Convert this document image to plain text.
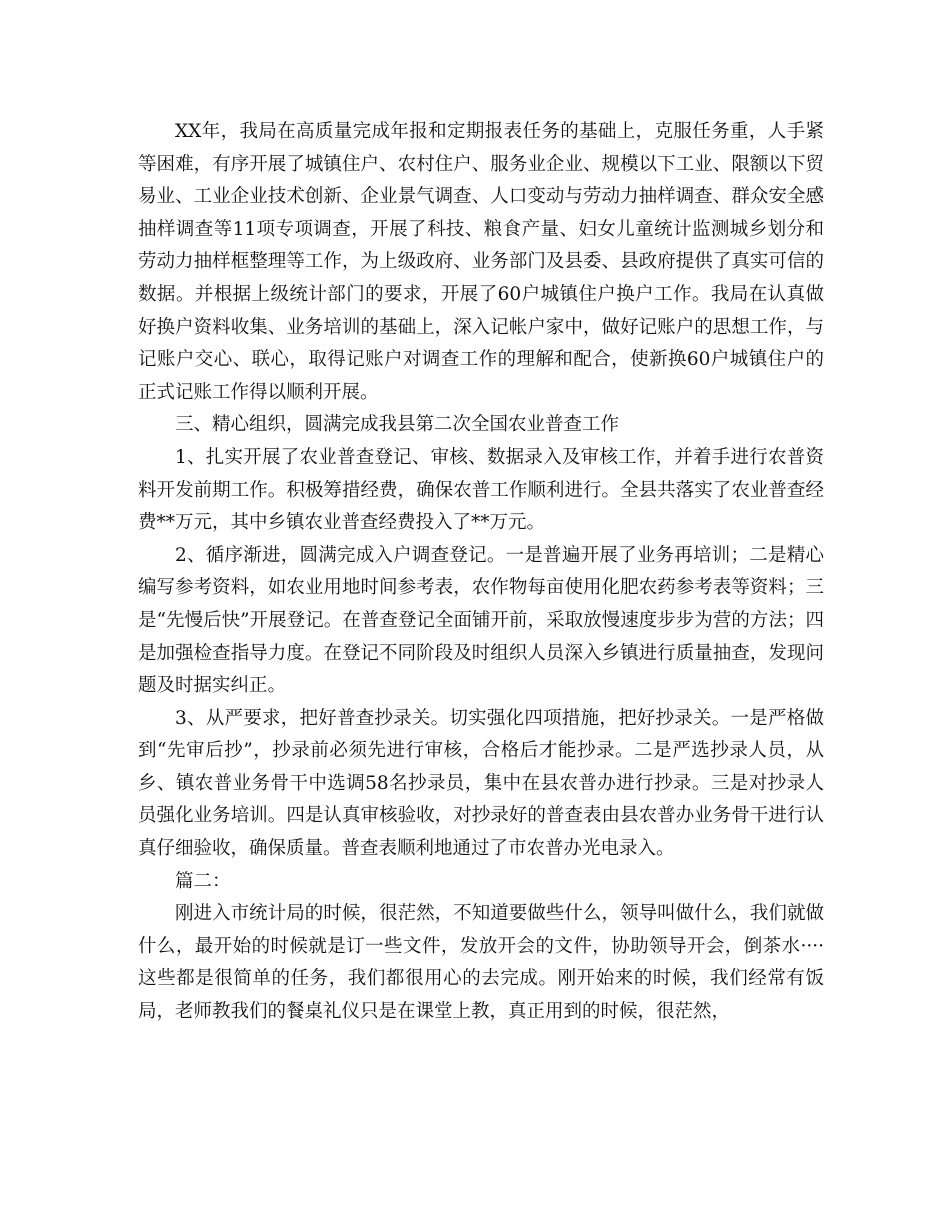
XX年，我局在高质量完成年报和定期报表任务的基础上，克服任务重，人手紧等困难，有序开展了城镇住户、农村住户、服务业企业、规模以下工业、限额以下贸易业、工业企业技术创新、企业景气调查、人口变动与劳动力抽样调查、群众安全感抽样调查等11项专项调查，开展了科技、粮食产量、妇女儿童统计监测城乡划分和劳动力抽样框整理等工作，为上级政府、业务部门及县委、县政府提供了真实可信的数据。并根据上级统计部门的要求，开展了60户城镇住户换户工作。我局在认真做好换户资料收集、业务培训的基础上，深入记帐户家中，做好记账户的思想工作，与记账户交心、联心，取得记账户对调查工作的理解和配合，使新换60户城镇住户的正式记账工作得以顺利开展。

三、精心组织，圆满完成我县第二次全国农业普查工作

1、扎实开展了农业普查登记、审核、数据录入及审核工作，并着手进行农普资料开发前期工作。积极筹措经费，确保农普工作顺利进行。全县共落实了农业普查经费**万元，其中乡镇农业普查经费投入了**万元。

2、循序渐进，圆满完成入户调查登记。一是普遍开展了业务再培训；二是精心编写参考资料，如农业用地时间参考表，农作物每亩使用化肥农药参考表等资料；三是“先慢后快”开展登记。在普查登记全面铺开前，采取放慢速度步步为营的方法；四是加强检查指导力度。在登记不同阶段及时组织人员深入乡镇进行质量抽查，发现问题及时据实纠正。

3、从严要求，把好普查抄录关。切实强化四项措施，把好抄录关。一是严格做到“先审后抄”，抄录前必须先进行审核，合格后才能抄录。二是严选抄录人员，从乡、镇农普业务骨干中选调58名抄录员，集中在县农普办进行抄录。三是对抄录人员强化业务培训。四是认真审核验收，对抄录好的普查表由县农普办业务骨干进行认真仔细验收，确保质量。普查表顺利地通过了市农普办光电录入。

篇二：

刚进入市统计局的时候，很茫然，不知道要做些什么，领导叫做什么，我们就做什么，最开始的时候就是订一些文件，发放开会的文件，协助领导开会，倒茶水····这些都是很简单的任务，我们都很用心的去完成。刚开始来的时候，我们经常有饭局，老师教我们的餐桌礼仪只是在课堂上教，真正用到的时候，很茫然，
